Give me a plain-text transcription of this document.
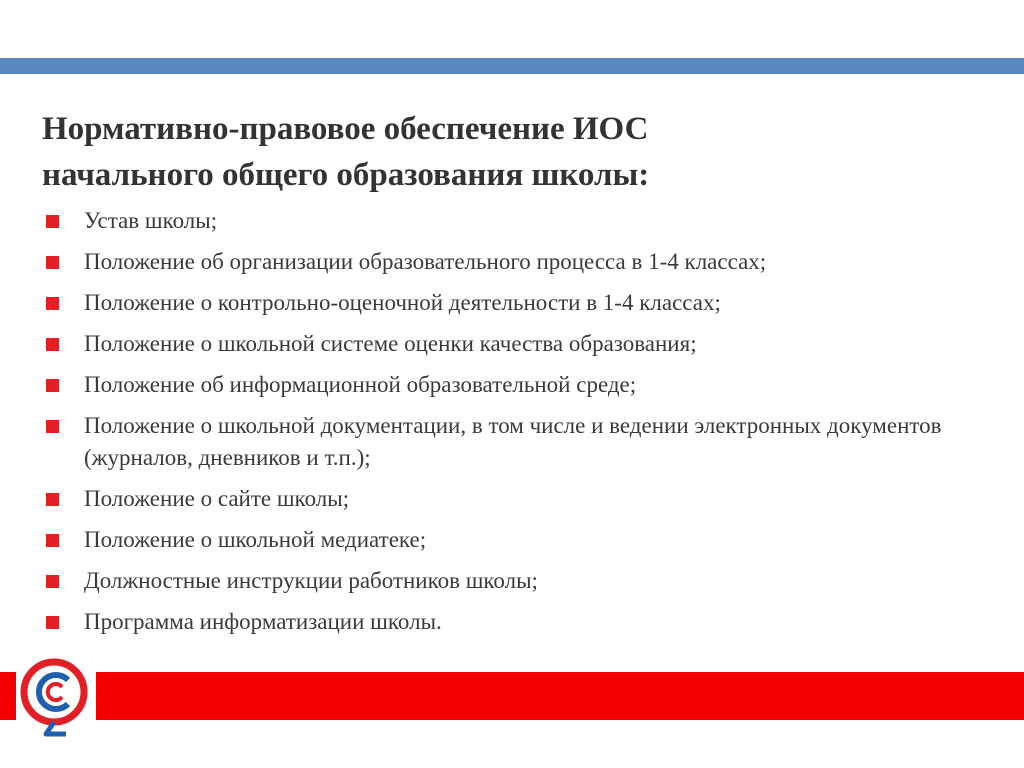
Нормативно-правовое обеспечение ИОС
начального общего образования школы:
Устав школы;
Положение об организации образовательного процесса в 1-4 классах;
Положение о контрольно-оценочной деятельности в 1-4 классах;
Положение о школьной системе оценки качества образования;
Положение об информационной образовательной среде;
Положение о школьной документации, в том числе и ведении электронных документов (журналов, дневников и т.п.);
Положение о сайте школы;
Положение о школьной медиатеке;
Должностные инструкции работников школы;
Программа информатизации школы.
